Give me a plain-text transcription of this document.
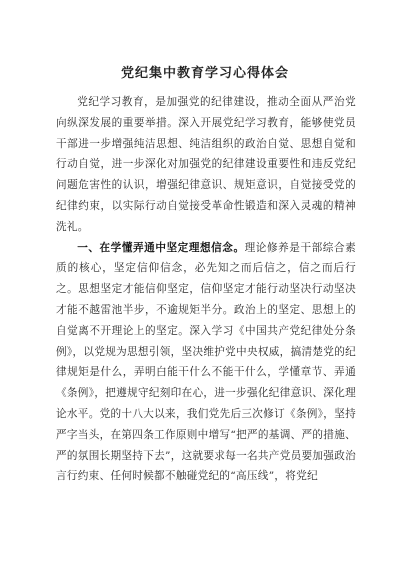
党纪集中教育学习心得体会

党纪学习教育，是加强党的纪律建设，推动全面从严治党向纵深发展的重要举措。深入开展党纪学习教育，能够使党员干部进一步增强纯洁思想、纯洁组织的政治自觉、思想自觉和行动自觉，进一步深化对加强党的纪律建设重要性和违反党纪问题危害性的认识，增强纪律意识、规矩意识，自觉接受党的纪律约束，以实际行动自觉接受革命性锻造和深入灵魂的精神洗礼。

一、在学懂弄通中坚定理想信念。理论修养是干部综合素质的核心，坚定信仰信念，必先知之而后信之，信之而后行之。思想坚定才能信仰坚定，信仰坚定才能行动坚决行动坚决才能不越雷池半步，不逾规矩半分。政治上的坚定、思想上的自觉离不开理论上的坚定。深入学习《中国共产党纪律处分条例》，以党规为思想引领，坚决维护党中央权威，搞清楚党的纪律规矩是什么，弄明白能干什么不能干什么，学懂章节、弄通《条例》，把遵规守纪刻印在心，进一步强化纪律意识、深化理论水平。党的十八大以来，我们党先后三次修订《条例》，坚持严字当头，在第四条工作原则中增写“把严的基调、严的措施、严的氛围长期坚持下去”，这就要求每一名共产党员要加强政治言行约束、任何时候都不触碰党纪的“高压线”，将党纪
